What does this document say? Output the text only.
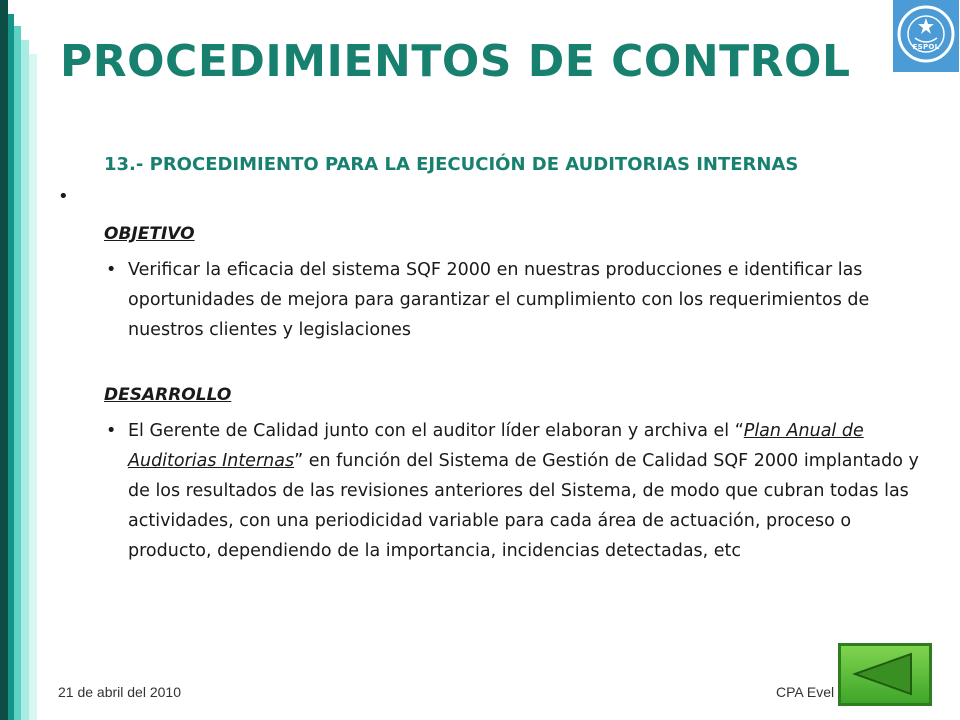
PROCEDIMIENTOS DE CONTROL	ESPOL
13.- PROCEDIMIENTO PARA LA EJECUCIÓN DE AUDITORIAS INTERNAS
•
OBJETIVO
• Verificar la eficacia del sistema SQF 2000 en nuestras producciones e identificar las oportunidades de mejora para garantizar el cumplimiento con los requerimientos de nuestros clientes y legislaciones
DESARROLLO
• El Gerente de Calidad junto con el auditor líder elaboran y archiva el “Plan Anual de Auditorias Internas” en función del Sistema de Gestión de Calidad SQF 2000 implantado y de los resultados de las revisiones anteriores del Sistema, de modo que cubran todas las actividades, con una periodicidad variable para cada área de actuación, proceso o producto, dependiendo de la importancia, incidencias detectadas, etc
21 de abril del 2010	CPA Evel
